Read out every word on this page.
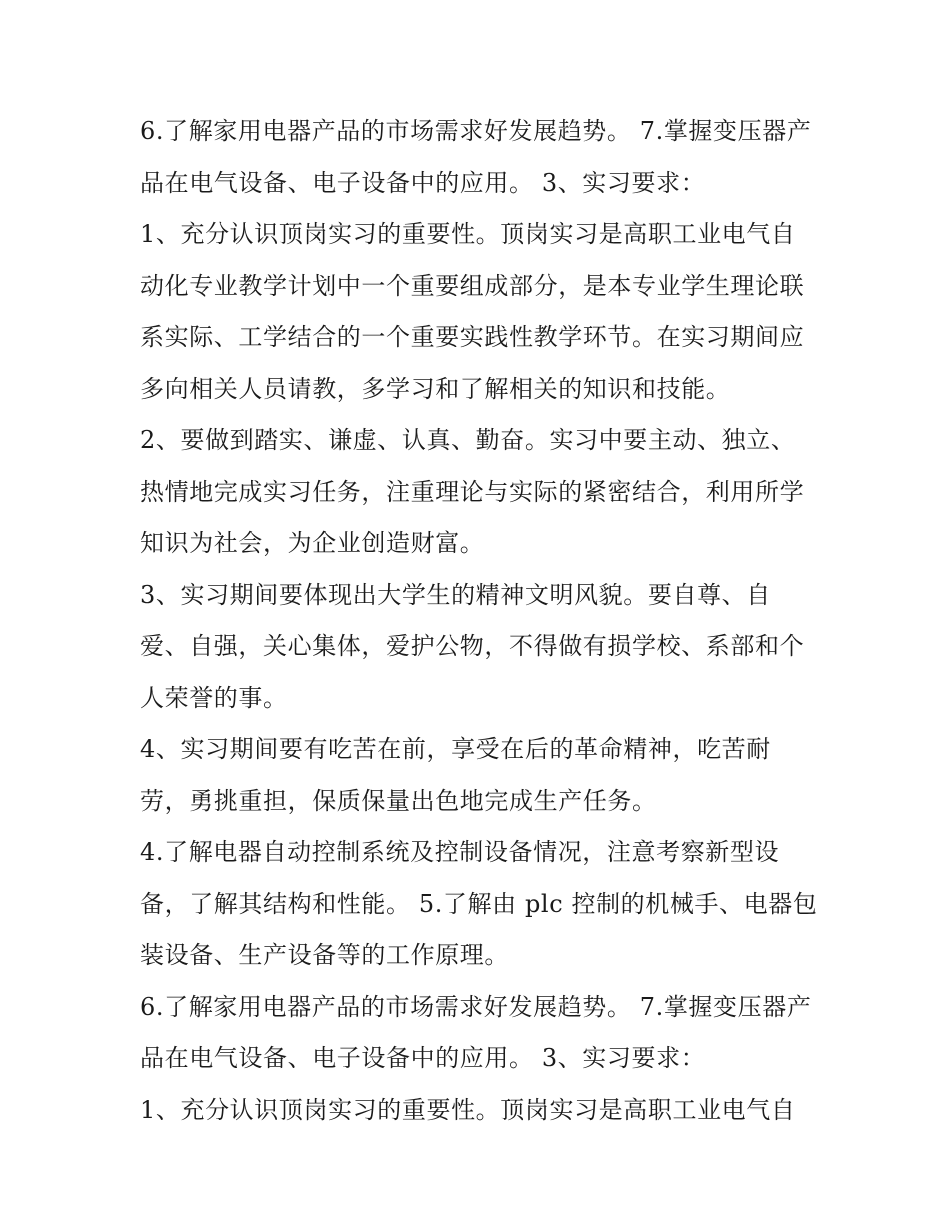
6.了解家用电器产品的市场需求好发展趋势。 7.掌握变压器产
品在电气设备、电子设备中的应用。 3、实习要求：

1、充分认识顶岗实习的重要性。顶岗实习是高职工业电气自
动化专业教学计划中一个重要组成部分，是本专业学生理论联
系实际、工学结合的一个重要实践性教学环节。在实习期间应
多向相关人员请教，多学习和了解相关的知识和技能。

2、要做到踏实、谦虚、认真、勤奋。实习中要主动、独立、
热情地完成实习任务，注重理论与实际的紧密结合，利用所学
知识为社会，为企业创造财富。

3、实习期间要体现出大学生的精神文明风貌。要自尊、自
爱、自强，关心集体，爱护公物，不得做有损学校、系部和个
人荣誉的事。

4、实习期间要有吃苦在前，享受在后的革命精神，吃苦耐
劳，勇挑重担，保质保量出色地完成生产任务。

4.了解电器自动控制系统及控制设备情况，注意考察新型设
备，了解其结构和性能。 5.了解由 plc 控制的机械手、电器包
装设备、生产设备等的工作原理。

6.了解家用电器产品的市场需求好发展趋势。 7.掌握变压器产
品在电气设备、电子设备中的应用。 3、实习要求：

1、充分认识顶岗实习的重要性。顶岗实习是高职工业电气自
